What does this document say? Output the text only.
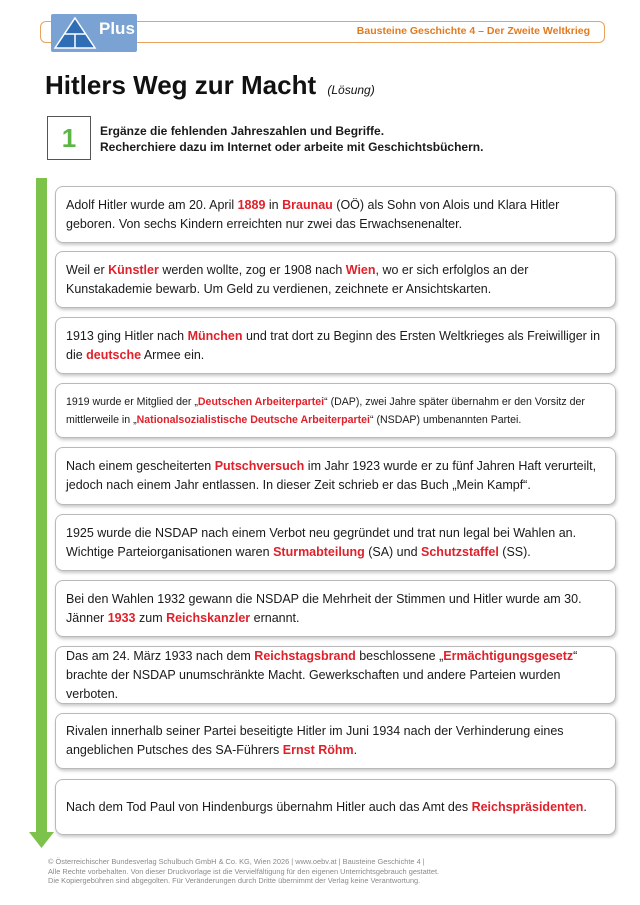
Bausteine Geschichte 4 – Der Zweite Weltkrieg
Plus
Hitlers Weg zur Macht (Lösung)
1	Ergänze die fehlenden Jahreszahlen und Begriffe.
Recherchiere dazu im Internet oder arbeite mit Geschichtsbüchern.

Adolf Hitler wurde am 20. April 1889 in Braunau (OÖ) als Sohn von Alois und Klara Hitler geboren. Von sechs Kindern erreichten nur zwei das Erwachsenenalter.

Weil er Künstler werden wollte, zog er 1908 nach Wien, wo er sich erfolglos an der Kunstakademie bewarb. Um Geld zu verdienen, zeichnete er Ansichtskarten.

1913 ging Hitler nach München und trat dort zu Beginn des Ersten Weltkrieges als Freiwilliger in die deutsche Armee ein.

1919 wurde er Mitglied der „Deutschen Arbeiterpartei“ (DAP), zwei Jahre später übernahm er den Vorsitz der mittlerweile in „Nationalsozialistische Deutsche Arbeiterpartei“ (NSDAP) umbenannten Partei.

Nach einem gescheiterten Putschversuch im Jahr 1923 wurde er zu fünf Jahren Haft verurteilt, jedoch nach einem Jahr entlassen. In dieser Zeit schrieb er das Buch „Mein Kampf“.

1925 wurde die NSDAP nach einem Verbot neu gegründet und trat nun legal bei Wahlen an. Wichtige Parteiorganisationen waren Sturmabteilung (SA) und Schutzstaffel (SS).

Bei den Wahlen 1932 gewann die NSDAP die Mehrheit der Stimmen und Hitler wurde am 30. Jänner 1933 zum Reichskanzler ernannt.

Das am 24. März 1933 nach dem Reichstagsbrand beschlossene „Ermächtigungsgesetz“ brachte der NSDAP unumschränkte Macht. Gewerkschaften und andere Parteien wurden verboten.

Rivalen innerhalb seiner Partei beseitigte Hitler im Juni 1934 nach der Verhinderung eines angeblichen Putsches des SA-Führers Ernst Röhm.

Nach dem Tod Paul von Hindenburgs übernahm Hitler auch das Amt des Reichspräsidenten.

© Österreichischer Bundesverlag Schulbuch GmbH & Co. KG, Wien 2026 | www.oebv.at | Bausteine Geschichte 4 |
Alle Rechte vorbehalten. Von dieser Druckvorlage ist die Vervielfältigung für den eigenen Unterrichtsgebrauch gestattet.
Die Kopiergebühren sind abgegolten. Für Veränderungen durch Dritte übernimmt der Verlag keine Verantwortung.
